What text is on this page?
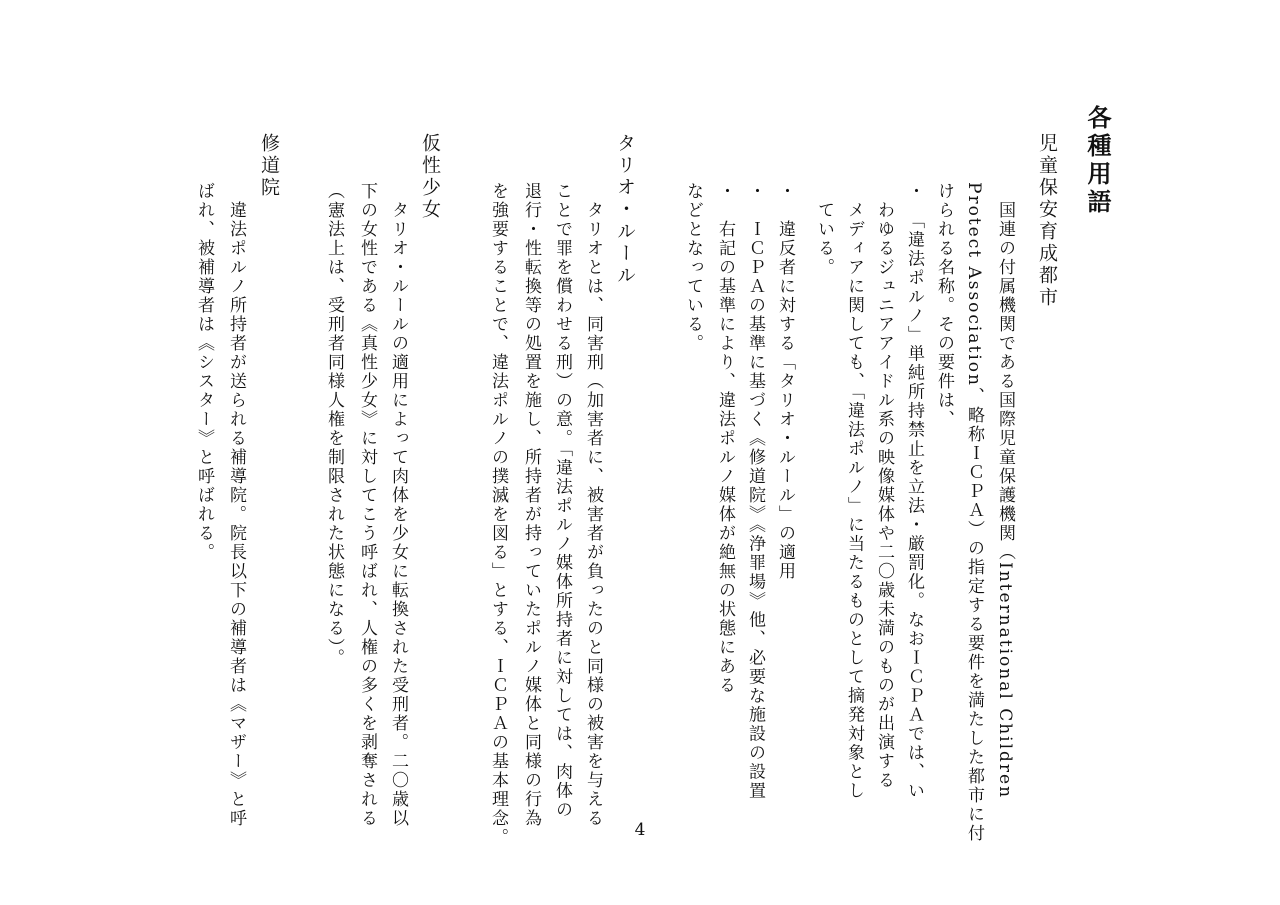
各種用語
児童保安育成都市
　国連の付属機関である国際児童保護機関（International Children
Protect Association、略称ＩＣＰＡ）の指定する要件を満たした都市に付
けられる名称。その要件は、
・　「違法ポルノ」単純所持禁止を立法・厳罰化。なおＩＣＰＡでは、い
　わゆるジュニアアイドル系の映像媒体や二〇歳未満のものが出演する
　メディアに関しても、「違法ポルノ」に当たるものとして摘発対象とし
　ている。
・　違反者に対する「タリオ・ルール」の適用
・　ＩＣＰＡの基準に基づく《修道院》《浄罪場》他、必要な施設の設置
・　右記の基準により、違法ポルノ媒体が絶無の状態にある
などとなっている。
タリオ・ルール
　タリオとは、同害刑（加害者に、被害者が負ったのと同様の被害を与える
ことで罪を償わせる刑）の意。「違法ポルノ媒体所持者に対しては、肉体の
退行・性転換等の処置を施し、所持者が持っていたポルノ媒体と同様の行為
を強要することで、違法ポルノの撲滅を図る」とする、ＩＣＰＡの基本理念。
仮性少女
　タリオ・ルールの適用によって肉体を少女に転換された受刑者。二〇歳以
下の女性である《真性少女》に対してこう呼ばれ、人権の多くを剥奪される
（憲法上は、受刑者同様人権を制限された状態になる）。
修道院
　違法ポルノ所持者が送られる補導院。院長以下の補導者は《マザー》と呼
ばれ、被補導者は《シスター》と呼ばれる。
4
